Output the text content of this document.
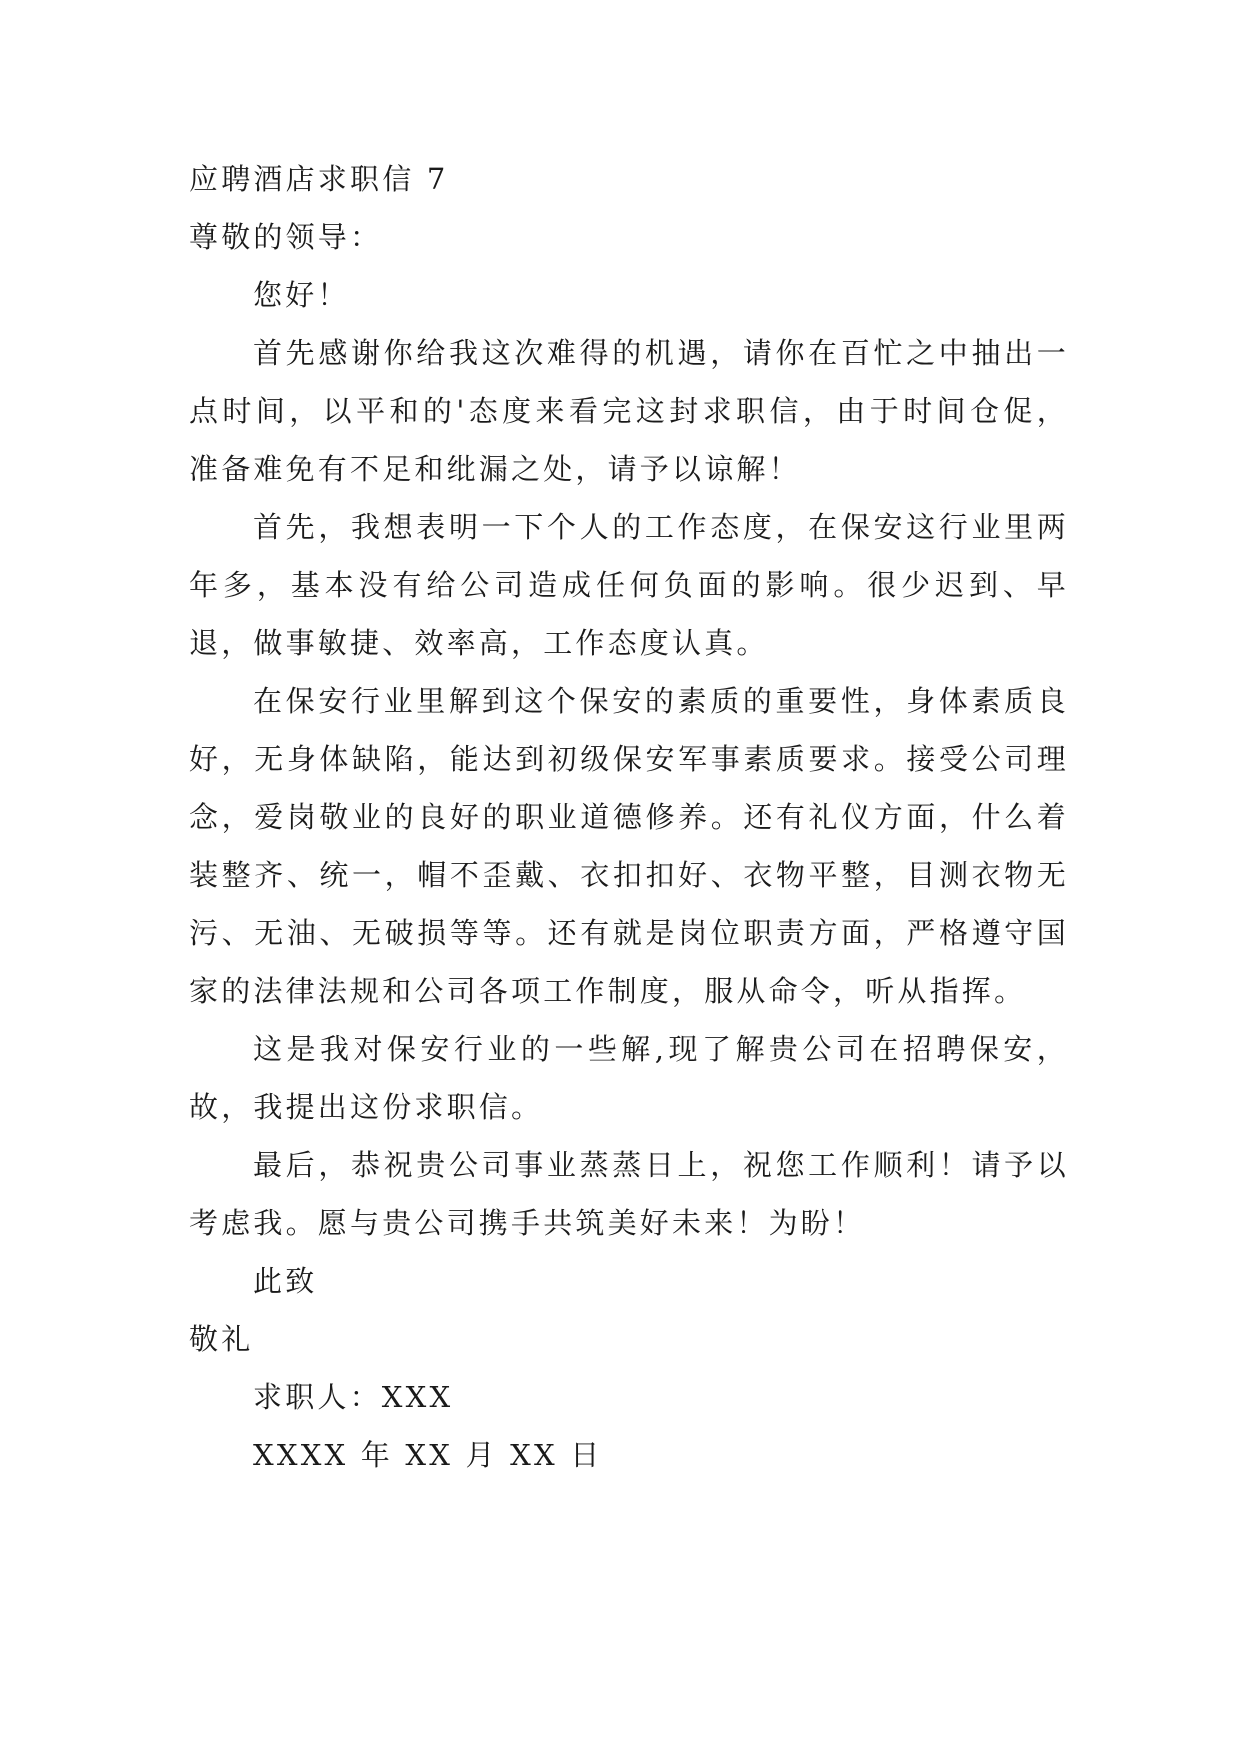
应聘酒店求职信 7

尊敬的领导：

您好！

首先感谢你给我这次难得的机遇，请你在百忙之中抽出一点时间，以平和的'态度来看完这封求职信，由于时间仓促，准备难免有不足和纰漏之处，请予以谅解！

首先，我想表明一下个人的工作态度，在保安这行业里两年多，基本没有给公司造成任何负面的影响。很少迟到、早退，做事敏捷、效率高，工作态度认真。

在保安行业里解到这个保安的素质的重要性，身体素质良好，无身体缺陷，能达到初级保安军事素质要求。接受公司理念，爱岗敬业的良好的职业道德修养。还有礼仪方面，什么着装整齐、统一，帽不歪戴、衣扣扣好、衣物平整，目测衣物无污、无油、无破损等等。还有就是岗位职责方面，严格遵守国家的法律法规和公司各项工作制度，服从命令，听从指挥。

这是我对保安行业的一些解,现了解贵公司在招聘保安，故，我提出这份求职信。

最后，恭祝贵公司事业蒸蒸日上，祝您工作顺利！请予以考虑我。愿与贵公司携手共筑美好未来！为盼！

此致

敬礼

求职人：XXX

XXXX 年 XX 月 XX 日
